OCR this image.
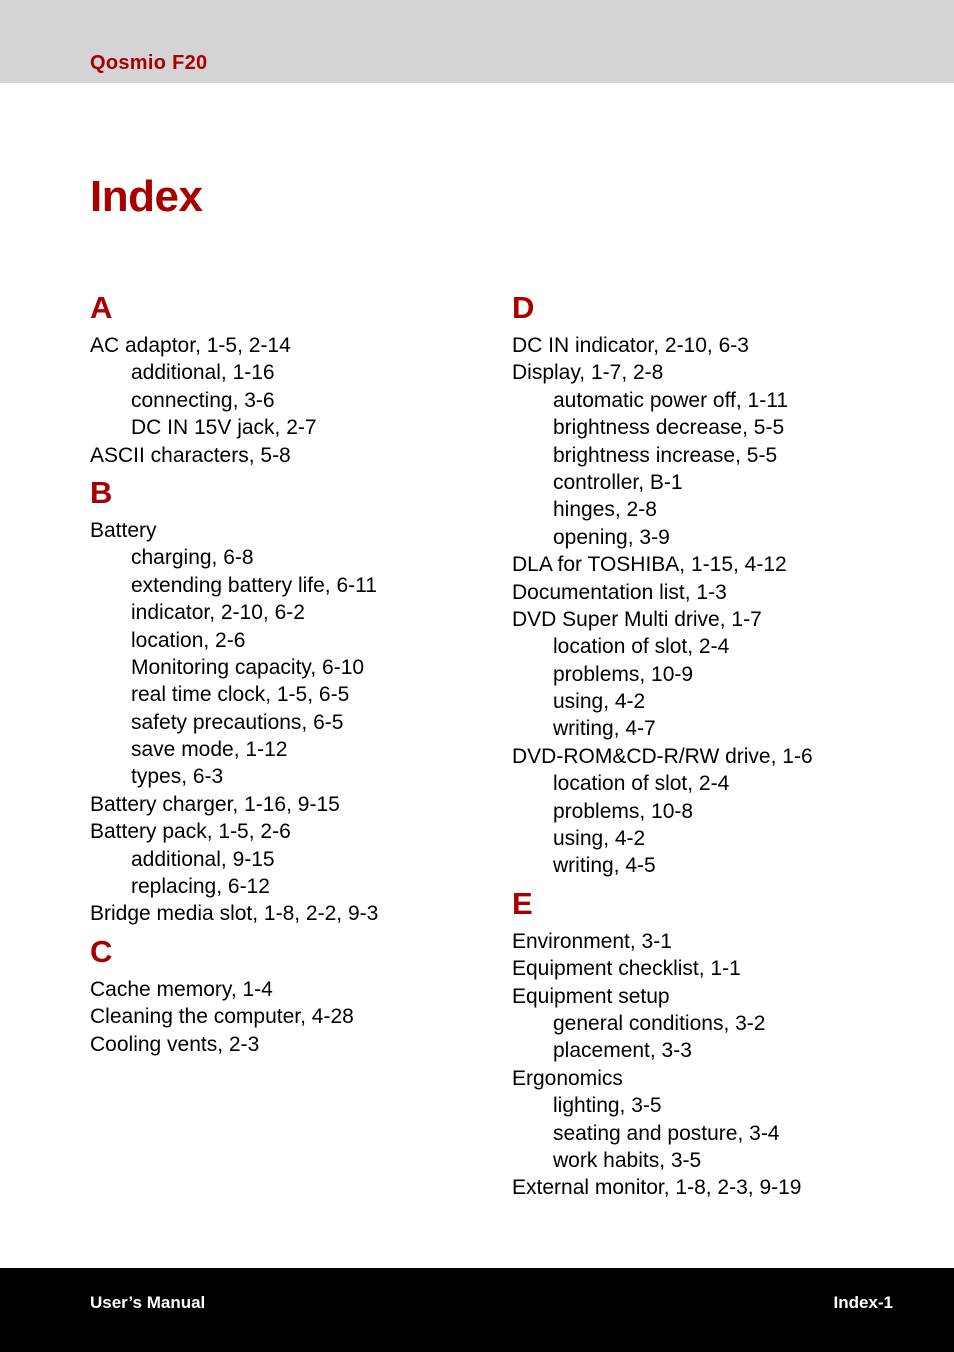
Qosmio F20
Index
A
AC adaptor, 1-5, 2-14
additional, 1-16
connecting, 3-6
DC IN 15V jack, 2-7
ASCII characters, 5-8
B
Battery
charging, 6-8
extending battery life, 6-11
indicator, 2-10, 6-2
location, 2-6
Monitoring capacity, 6-10
real time clock, 1-5, 6-5
safety precautions, 6-5
save mode, 1-12
types, 6-3
Battery charger, 1-16, 9-15
Battery pack, 1-5, 2-6
additional, 9-15
replacing, 6-12
Bridge media slot, 1-8, 2-2, 9-3
C
Cache memory, 1-4
Cleaning the computer, 4-28
Cooling vents, 2-3
D
DC IN indicator, 2-10, 6-3
Display, 1-7, 2-8
automatic power off, 1-11
brightness decrease, 5-5
brightness increase, 5-5
controller, B-1
hinges, 2-8
opening, 3-9
DLA for TOSHIBA, 1-15, 4-12
Documentation list, 1-3
DVD Super Multi drive, 1-7
location of slot, 2-4
problems, 10-9
using, 4-2
writing, 4-7
DVD-ROM&CD-R/RW drive, 1-6
location of slot, 2-4
problems, 10-8
using, 4-2
writing, 4-5
E
Environment, 3-1
Equipment checklist, 1-1
Equipment setup
general conditions, 3-2
placement, 3-3
Ergonomics
lighting, 3-5
seating and posture, 3-4
work habits, 3-5
External monitor, 1-8, 2-3, 9-19
User’s Manual	Index-1
